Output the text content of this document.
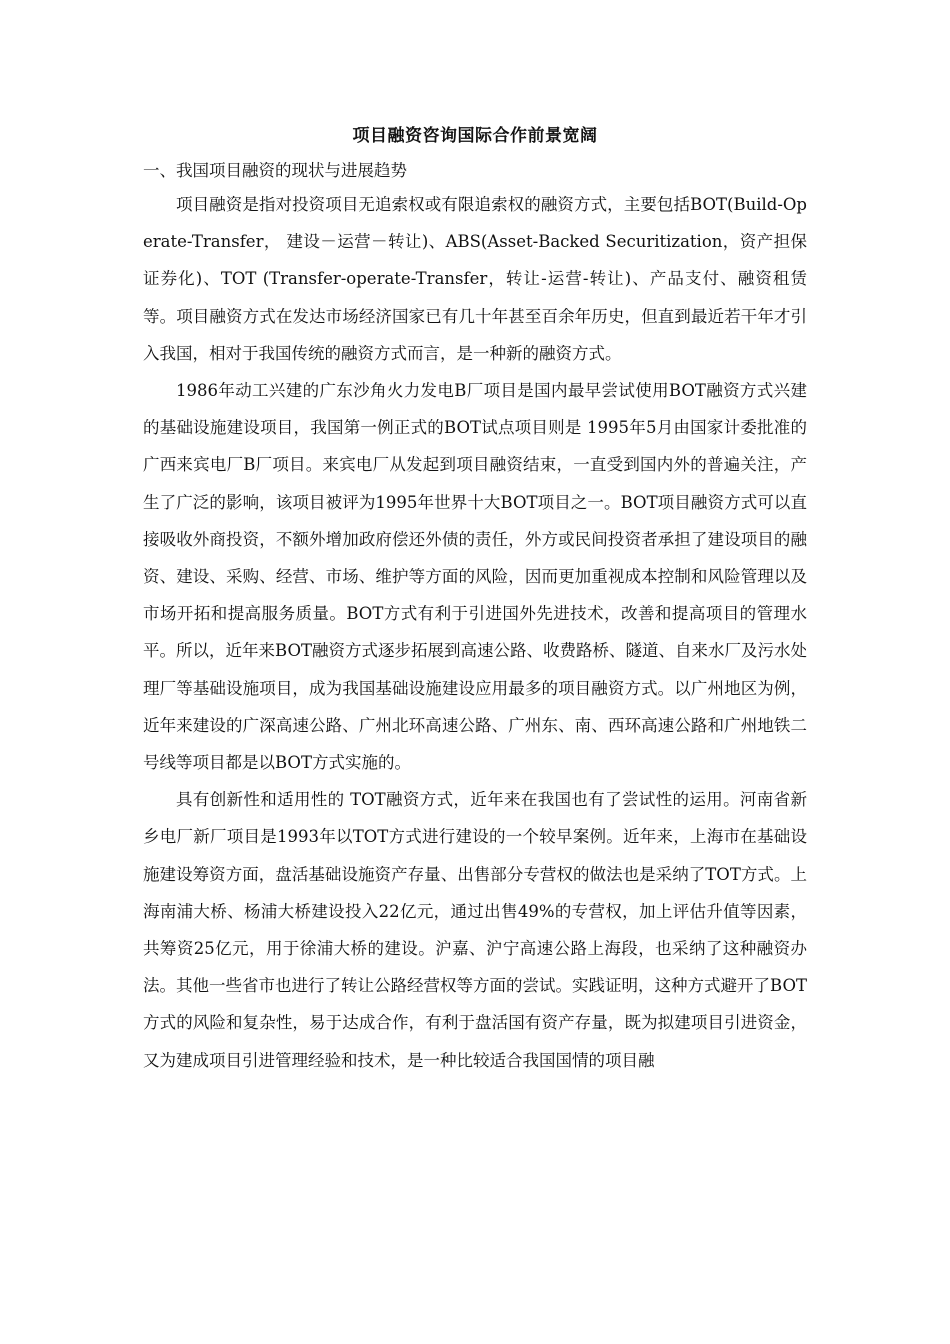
项目融资咨询国际合作前景宽阔

一、我国项目融资的现状与进展趋势

项目融资是指对投资项目无追索权或有限追索权的融资方式，主要包括BOT(Build-Operate-Transfer， 建设－运营－转让)、ABS(Asset-Backed Securitization，资产担保证券化)、TOT (Transfer-operate-Transfer，转让-运营-转让)、产品支付、融资租赁等。项目融资方式在发达市场经济国家已有几十年甚至百余年历史，但直到最近若干年才引入我国，相对于我国传统的融资方式而言，是一种新的融资方式。

1986年动工兴建的广东沙角火力发电B厂项目是国内最早尝试使用BOT融资方式兴建的基础设施建设项目，我国第一例正式的BOT试点项目则是 1995年5月由国家计委批准的广西来宾电厂B厂项目。来宾电厂从发起到项目融资结束，一直受到国内外的普遍关注，产生了广泛的影响，该项目被评为1995年世界十大BOT项目之一。BOT项目融资方式可以直接吸收外商投资，不额外增加政府偿还外债的责任，外方或民间投资者承担了建设项目的融资、建设、采购、经营、市场、维护等方面的风险，因而更加重视成本控制和风险管理以及市场开拓和提高服务质量。BOT方式有利于引进国外先进技术，改善和提高项目的管理水平。所以，近年来BOT融资方式逐步拓展到高速公路、收费路桥、隧道、自来水厂及污水处理厂等基础设施项目，成为我国基础设施建设应用最多的项目融资方式。以广州地区为例，近年来建设的广深高速公路、广州北环高速公路、广州东、南、西环高速公路和广州地铁二号线等项目都是以BOT方式实施的。

具有创新性和适用性的 TOT融资方式，近年来在我国也有了尝试性的运用。河南省新乡电厂新厂项目是1993年以TOT方式进行建设的一个较早案例。近年来，上海市在基础设施建设筹资方面，盘活基础设施资产存量、出售部分专营权的做法也是采纳了TOT方式。上海南浦大桥、杨浦大桥建设投入22亿元，通过出售49%的专营权，加上评估升值等因素，共筹资25亿元，用于徐浦大桥的建设。沪嘉、沪宁高速公路上海段，也采纳了这种融资办法。其他一些省市也进行了转让公路经营权等方面的尝试。实践证明，这种方式避开了BOT方式的风险和复杂性，易于达成合作，有利于盘活国有资产存量，既为拟建项目引进资金，又为建成项目引进管理经验和技术，是一种比较适合我国国情的项目融
